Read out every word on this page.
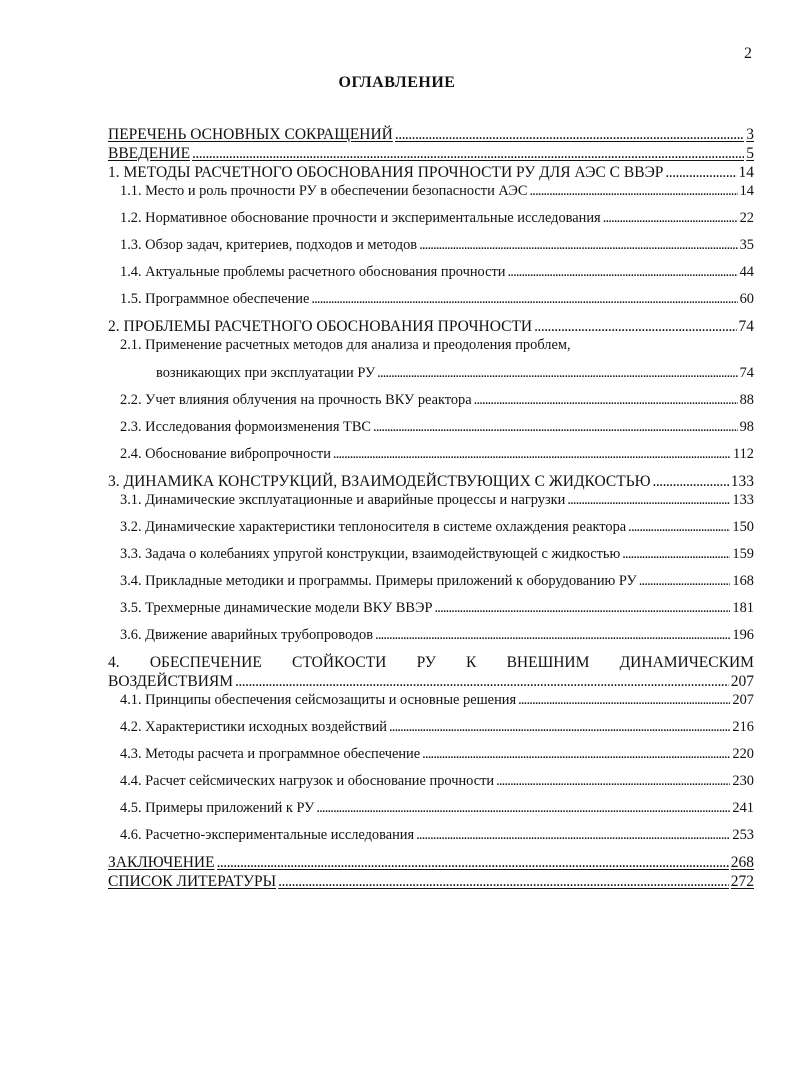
2
ОГЛАВЛЕНИЕ
ПЕРЕЧЕНЬ ОСНОВНЫХ СОКРАЩЕНИЙ . . .	3
ВВЕДЕНИЕ . . .	5
1. МЕТОДЫ РАСЧЕТНОГО ОБОСНОВАНИЯ ПРОЧНОСТИ РУ ДЛЯ АЭС С ВВЭР . . .	14
1.1. Место и роль прочности РУ в обеспечении безопасности АЭС . . .	14
1.2. Нормативное обоснование прочности и экспериментальные исследования . . .	22
1.3. Обзор задач, критериев, подходов и методов . . .	35
1.4. Актуальные проблемы расчетного обоснования прочности . . .	44
1.5. Программное обеспечение . . .	60
2. ПРОБЛЕМЫ РАСЧЕТНОГО ОБОСНОВАНИЯ ПРОЧНОСТИ . . .	74
2.1. Применение расчетных методов для анализа и преодоления проблем,
возникающих при эксплуатации РУ . . .	74
2.2. Учет влияния облучения на прочность ВКУ реактора . . .	88
2.3. Исследования формоизменения ТВС . . .	98
2.4. Обоснование вибропрочности . . .	112
3. ДИНАМИКА КОНСТРУКЦИЙ, ВЗАИМОДЕЙСТВУЮЩИХ С ЖИДКОСТЬЮ . . .	133
3.1. Динамические эксплуатационные и аварийные процессы и нагрузки . . .	133
3.2. Динамические характеристики теплоносителя в системе охлаждения реактора . . .	150
3.3. Задача о колебаниях упругой конструкции, взаимодействующей с жидкостью . . .	159
3.4. Прикладные методики и программы. Примеры приложений к оборудованию РУ . . .	168
3.5. Трехмерные динамические модели ВКУ ВВЭР . . .	181
3.6. Движение аварийных трубопроводов . . .	196
4. ОБЕСПЕЧЕНИЕ СТОЙКОСТИ РУ К ВНЕШНИМ ДИНАМИЧЕСКИМ
ВОЗДЕЙСТВИЯМ . . .	207
4.1. Принципы обеспечения сейсмозащиты и основные решения . . .	207
4.2. Характеристики исходных воздействий . . .	216
4.3. Методы расчета и программное обеспечение . . .	220
4.4. Расчет сейсмических нагрузок и обоснование прочности . . .	230
4.5. Примеры приложений к РУ . . .	241
4.6. Расчетно-экспериментальные исследования . . .	253
ЗАКЛЮЧЕНИЕ . . .	268
СПИСОК ЛИТЕРАТУРЫ . . .	272
